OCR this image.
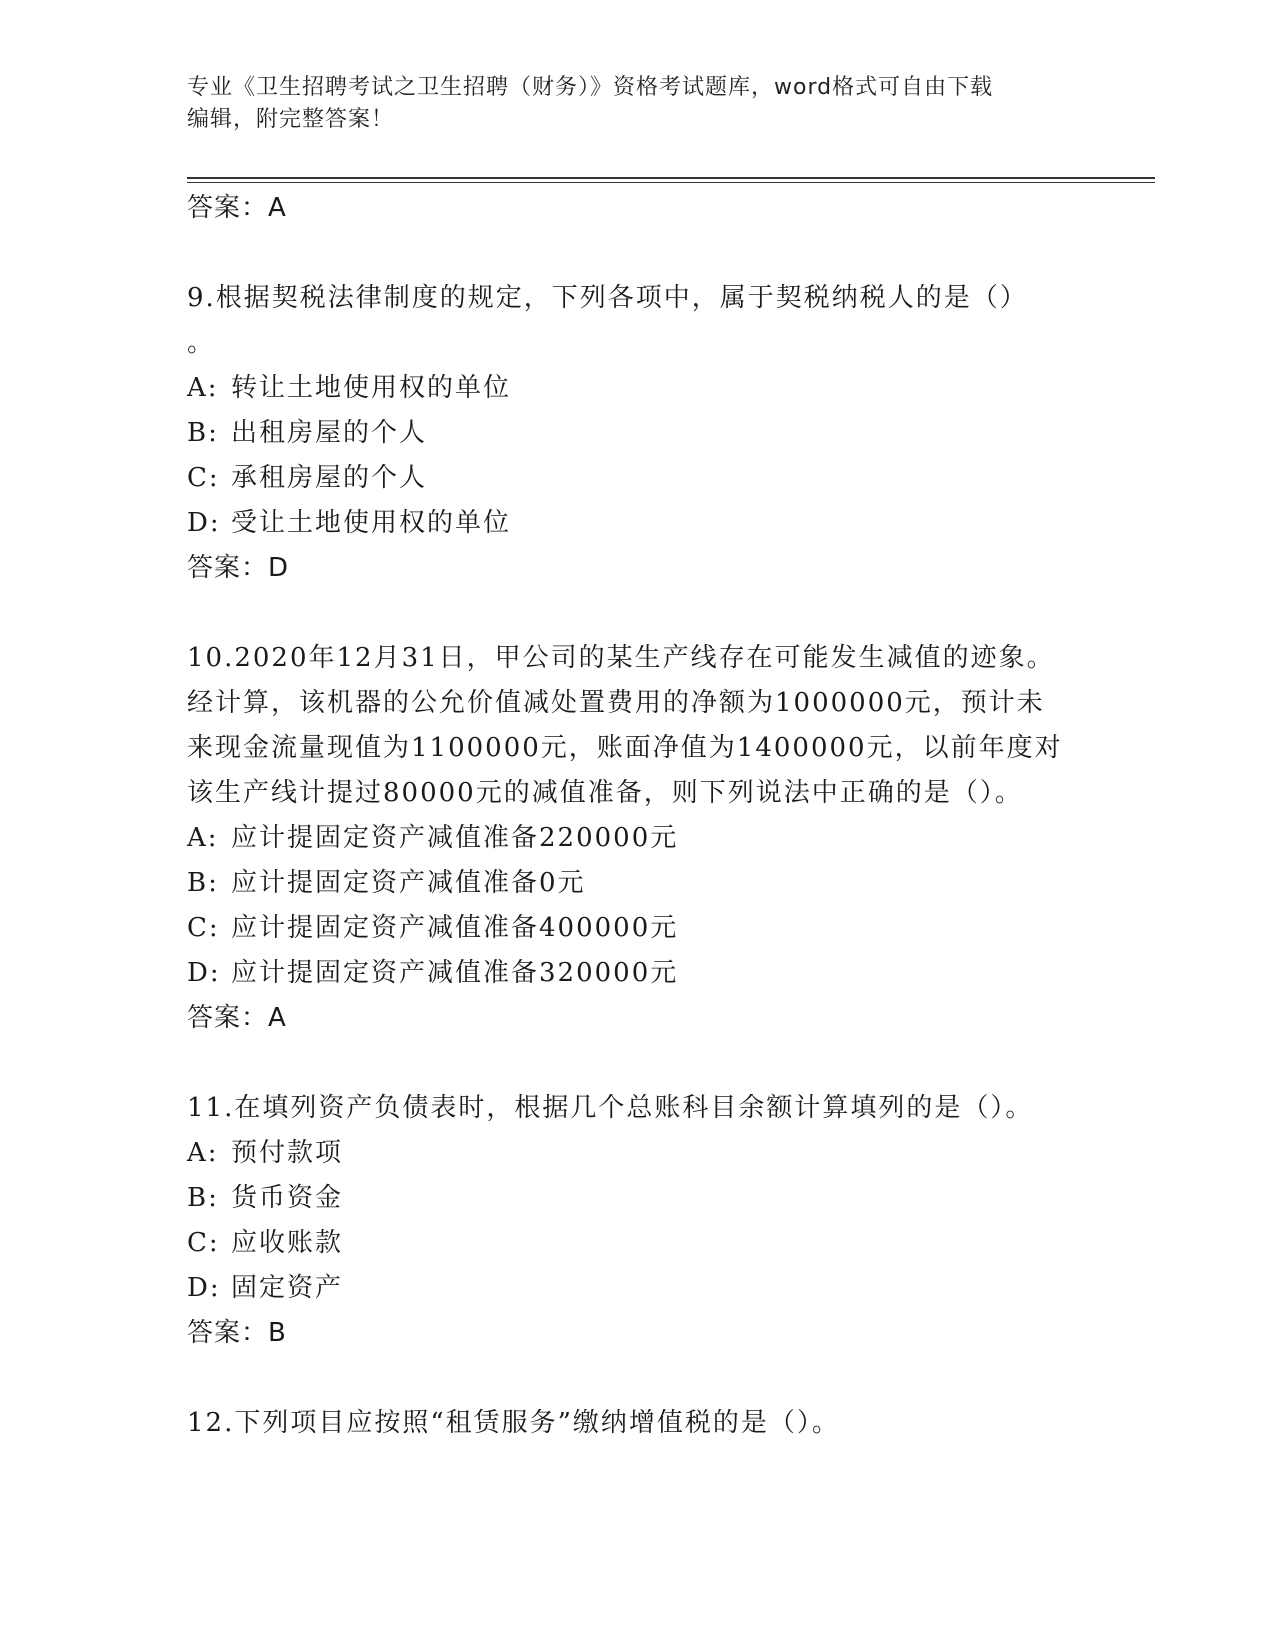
专业《卫生招聘考试之卫生招聘（财务）》资格考试题库，word格式可自由下载
编辑，附完整答案！
答案：A
9.根据契税法律制度的规定，下列各项中，属于契税纳税人的是（）
。
A: 转让土地使用权的单位
B: 出租房屋的个人
C: 承租房屋的个人
D: 受让土地使用权的单位
答案：D
10.2020年12月31日，甲公司的某生产线存在可能发生减值的迹象。
经计算，该机器的公允价值减处置费用的净额为1000000元，预计未
来现金流量现值为1100000元，账面净值为1400000元，以前年度对
该生产线计提过80000元的减值准备，则下列说法中正确的是（）。
A: 应计提固定资产减值准备220000元
B: 应计提固定资产减值准备0元
C: 应计提固定资产减值准备400000元
D: 应计提固定资产减值准备320000元
答案：A
11.在填列资产负债表时，根据几个总账科目余额计算填列的是（）。
A: 预付款项
B: 货币资金
C: 应收账款
D: 固定资产
答案：B
12.下列项目应按照“租赁服务”缴纳增值税的是（）。
